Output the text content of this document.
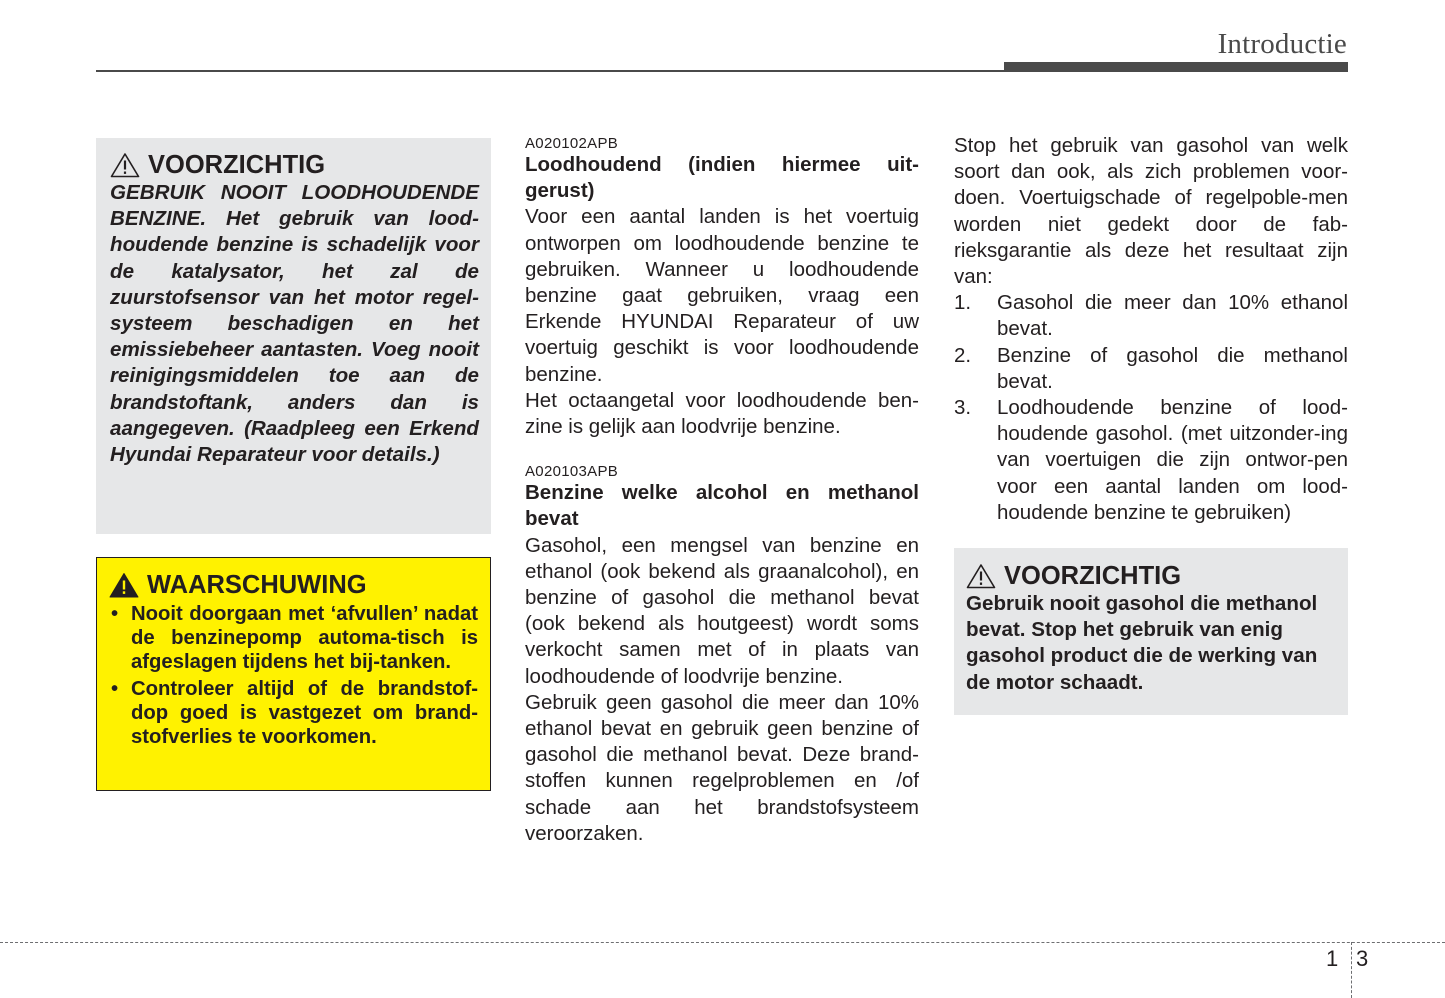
Introductie
VOORZICHTIG

GEBRUIK NOOIT LOODHOUDENDE BENZINE. Het gebruik van lood-houdende benzine is schadelijk voor de katalysator, het zal de zuurstofsensor van het motor regel-systeem beschadigen en het emissiebeheer aantasten. Voeg nooit reinigingsmiddelen toe aan de brandstoftank, anders dan is aangegeven. (Raadpleeg een Erkend Hyundai Reparateur voor details.)

WAARSCHUWING
• Nooit doorgaan met ‘afvullen’ nadat de benzinepomp automa-tisch is afgeslagen tijdens het bij-tanken.
• Controleer altijd of de brandstof-dop goed is vastgezet om brand-stofverlies te voorkomen.
A020102APB

Loodhoudend (indien hiermee uit-gerust)

Voor een aantal landen is het voertuig ontworpen om loodhoudende benzine te gebruiken. Wanneer u loodhoudende benzine gaat gebruiken, vraag een Erkende HYUNDAI Reparateur of uw voertuig geschikt is voor loodhoudende benzine.

Het octaangetal voor loodhoudende ben-zine is gelijk aan loodvrije benzine.

A020103APB

Benzine welke alcohol en methanol bevat

Gasohol, een mengsel van benzine en ethanol (ook bekend als graanalcohol), en benzine of gasohol die methanol bevat (ook bekend als houtgeest) wordt soms verkocht samen met of in plaats van loodhoudende of loodvrije benzine.

Gebruik geen gasohol die meer dan 10% ethanol bevat en gebruik geen benzine of gasohol die methanol bevat. Deze brand-stoffen kunnen regelproblemen en /of schade aan het brandstofsysteem veroorzaken.

Stop het gebruik van gasohol van welk soort dan ook, als zich problemen voor-doen. Voertuigschade of regelpoble-men worden niet gedekt door de fab-rieksgarantie als deze het resultaat zijn van:

1. Gasohol die meer dan 10% ethanol bevat.
2. Benzine of gasohol die methanol bevat.
3. Loodhoudende benzine of lood-houdende gasohol. (met uitzonder-ing van voertuigen die zijn ontwor-pen voor een aantal landen om lood-houdende benzine te gebruiken)
VOORZICHTIG

Gebruik nooit gasohol die methanol bevat. Stop het gebruik van enig gasohol product die de werking van de motor schaadt.

1 3
